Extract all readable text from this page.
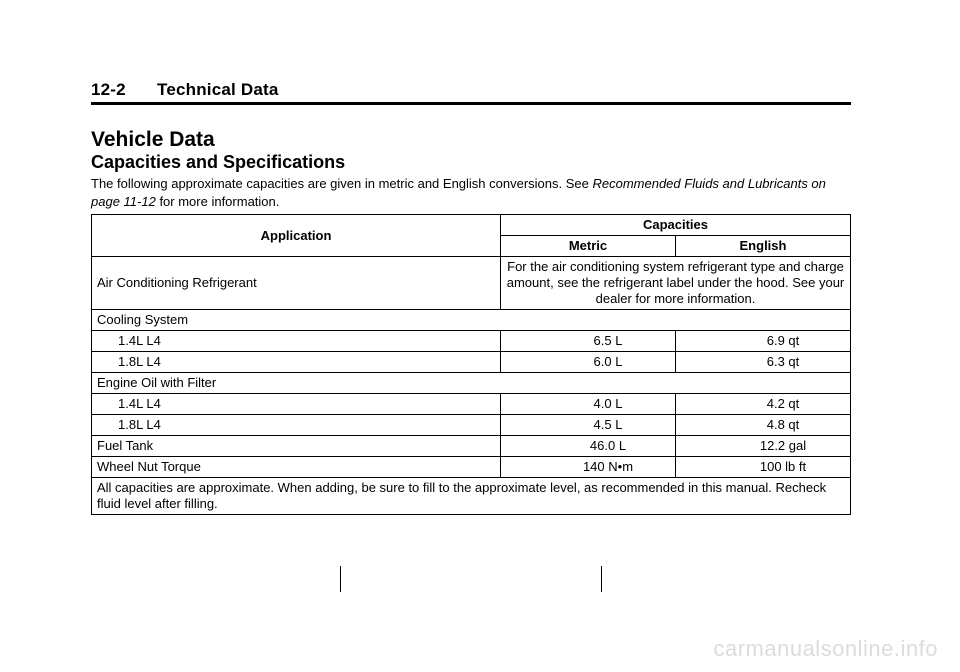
12-2 Technical Data
Vehicle Data
Capacities and Specifications
The following approximate capacities are given in metric and English conversions. See Recommended Fluids and Lubricants on page 11-12 for more information.
Application	Capacities	
	Metric	English
Air Conditioning Refrigerant	For the air conditioning system refrigerant type and charge amount, see the refrigerant label under the hood. See your dealer for more information.	
Cooling System		
1.4L L4	6.5 L	6.9 qt
1.8L L4	6.0 L	6.3 qt
Engine Oil with Filter		
1.4L L4	4.0 L	4.2 qt
1.8L L4	4.5 L	4.8 qt
Fuel Tank	46.0 L	12.2 gal
Wheel Nut Torque	140 N•m	100 lb ft
All capacities are approximate. When adding, be sure to fill to the approximate level, as recommended in this manual. Recheck fluid level after filling.		
carmanualsonline.info
